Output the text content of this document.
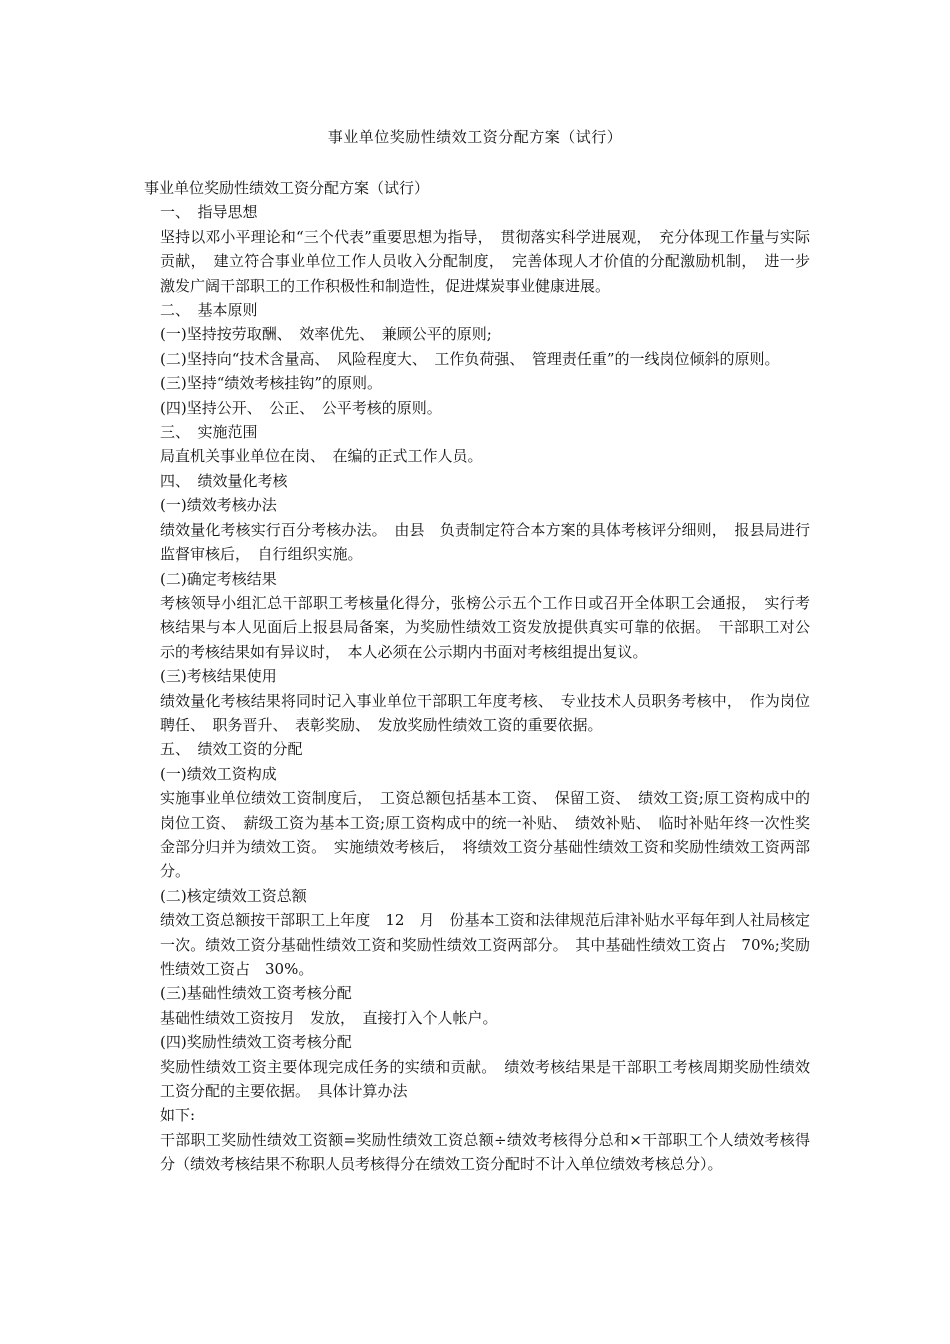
事业单位奖励性绩效工资分配方案（试行）

事业单位奖励性绩效工资分配方案（试行）

一、　指导思想

坚持以邓小平理论和“三个代表”重要思想为指导，　贯彻落实科学进展观，　充分体现工作量与实际贡献，　建立符合事业单位工作人员收入分配制度，　完善体现人才价值的分配激励机制，　进一步激发广阔干部职工的工作积极性和制造性，促进煤炭事业健康进展。

二、　基本原则

(一)坚持按劳取酬、　效率优先、　兼顾公平的原则;

(二)坚持向“技术含量高、　风险程度大、　工作负荷强、　管理责任重”的一线岗位倾斜的原则。

(三)坚持“绩效考核挂钩”的原则。

(四)坚持公开、　公正、　公平考核的原则。

三、　实施范围

局直机关事业单位在岗、　在编的正式工作人员。

四、　绩效量化考核

(一)绩效考核办法

绩效量化考核实行百分考核办法。　由县　负责制定符合本方案的具体考核评分细则，　报县局进行监督审核后，　自行组织实施。

(二)确定考核结果

考核领导小组汇总干部职工考核量化得分，张榜公示五个工作日或召开全体职工会通报，　实行考核结果与本人见面后上报县局备案，为奖励性绩效工资发放提供真实可靠的依据。　干部职工对公示的考核结果如有异议时，　本人必须在公示期内书面对考核组提出复议。

(三)考核结果使用

绩效量化考核结果将同时记入事业单位干部职工年度考核、　专业技术人员职务考核中，　作为岗位聘任、　职务晋升、　表彰奖励、　发放奖励性绩效工资的重要依据。

五、　绩效工资的分配

(一)绩效工资构成

实施事业单位绩效工资制度后，　工资总额包括基本工资、　保留工资、　绩效工资;原工资构成中的岗位工资、　薪级工资为基本工资;原工资构成中的统一补贴、　绩效补贴、　临时补贴年终一次性奖金部分归并为绩效工资。　实施绩效考核后，　将绩效工资分基础性绩效工资和奖励性绩效工资两部分。

(二)核定绩效工资总额

绩效工资总额按干部职工上年度　12　月　份基本工资和法律规范后津补贴水平每年到人社局核定一次。绩效工资分基础性绩效工资和奖励性绩效工资两部分。　其中基础性绩效工资占　70%;奖励性绩效工资占　30%。

(三)基础性绩效工资考核分配

基础性绩效工资按月　发放，　直接打入个人帐户。

(四)奖励性绩效工资考核分配

奖励性绩效工资主要体现完成任务的实绩和贡献。　绩效考核结果是干部职工考核周期奖励性绩效工资分配的主要依据。　具体计算办法

如下:

干部职工奖励性绩效工资额=奖励性绩效工资总额÷绩效考核得分总和×干部职工个人绩效考核得分（绩效考核结果不称职人员考核得分在绩效工资分配时不计入单位绩效考核总分）。
